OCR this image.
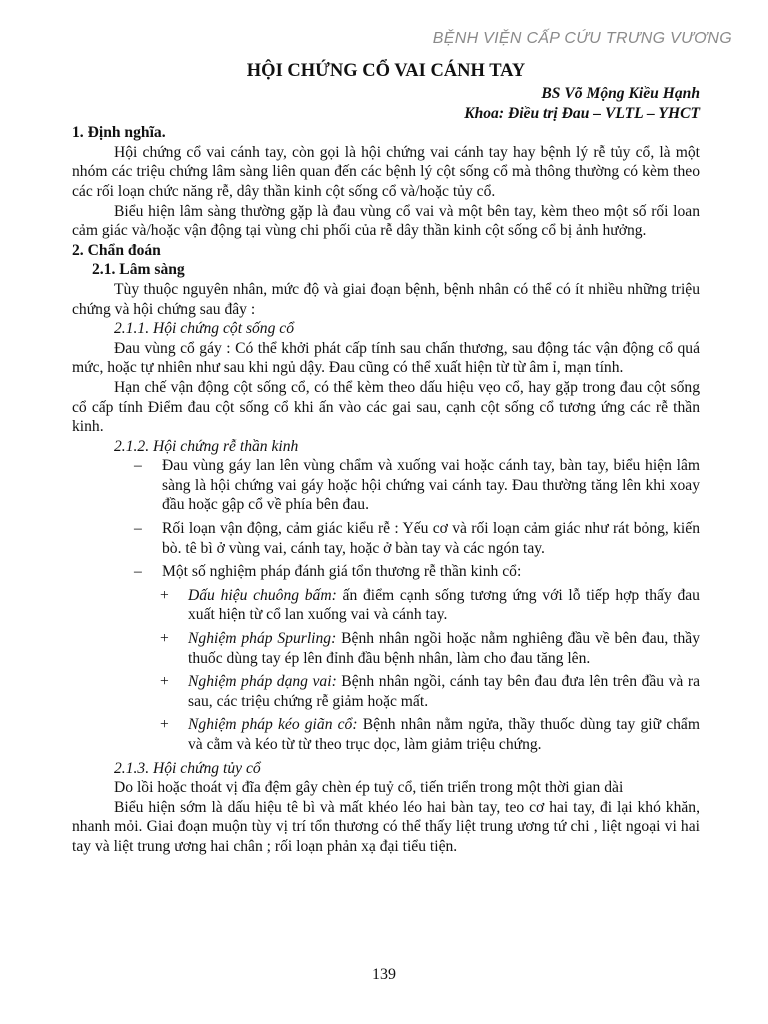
BỆNH VIỆN CẤP CỨU TRƯNG VƯƠNG
HỘI CHỨNG CỔ VAI CÁNH TAY
BS Võ Mộng Kiều Hạnh
Khoa: Điều trị Đau – VLTL – YHCT
1. Định nghĩa.

Hội chứng cổ vai cánh tay, còn gọi là hội chứng vai cánh tay hay bệnh lý rễ tủy cổ, là một nhóm các triệu chứng lâm sàng liên quan đến các bệnh lý cột sống cổ mà thông thường có kèm theo các rối loạn chức năng rễ, dây thần kinh cột sống cổ và/hoặc tủy cổ.

Biểu hiện lâm sàng thường gặp là đau vùng cổ vai và một bên tay, kèm theo một số rối loan cảm giác và/hoặc vận động tại vùng chi phối của rễ dây thần kinh cột sống cổ bị ảnh hưởng.

2. Chẩn đoán
2.1. Lâm sàng

Tùy thuộc nguyên nhân, mức độ và giai đoạn bệnh, bệnh nhân có thể có ít nhiều những triệu chứng và hội chứng sau đây :

2.1.1. Hội chứng cột sống cổ

Đau vùng cổ gáy : Có thể khởi phát cấp tính sau chấn thương, sau động tác vận động cổ quá mức, hoặc tự nhiên như sau khi ngủ dậy. Đau cũng có thể xuất hiện từ từ âm ỉ, mạn tính.

Hạn chế vận động cột sống cổ, có thể kèm theo dấu hiệu vẹo cổ, hay gặp trong đau cột sống cổ cấp tính Điểm đau cột sống cổ khi ấn vào các gai sau, cạnh cột sống cổ tương ứng các rễ thần kinh.

2.1.2. Hội chứng rễ thần kinh
– Đau vùng gáy lan lên vùng chẩm và xuống vai hoặc cánh tay, bàn tay, biểu hiện lâm sàng là hội chứng vai gáy hoặc hội chứng vai cánh tay. Đau thường tăng lên khi xoay đầu hoặc gập cổ về phía bên đau.
– Rối loạn vận động, cảm giác kiểu rễ : Yếu cơ và rối loạn cảm giác như rát bỏng, kiến bò. tê bì ở vùng vai, cánh tay, hoặc ở bàn tay và các ngón tay.
– Một số nghiệm pháp đánh giá tổn thương rễ thần kinh cổ:
+ Dấu hiệu chuông bấm: ấn điểm cạnh sống tương ứng với lỗ tiếp hợp thấy đau xuất hiện từ cổ lan xuống vai và cánh tay.
+ Nghiệm pháp Spurling: Bệnh nhân ngồi hoặc nằm nghiêng đầu về bên đau, thầy thuốc dùng tay ép lên đỉnh đầu bệnh nhân, làm cho đau tăng lên.
+ Nghiệm pháp dạng vai: Bệnh nhân ngồi, cánh tay bên đau đưa lên trên đầu và ra sau, các triệu chứng rễ giảm hoặc mất.
+ Nghiệm pháp kéo giãn cổ: Bệnh nhân nằm ngửa, thầy thuốc dùng tay giữ chẩm và cằm và kéo từ từ theo trục dọc, làm giảm triệu chứng.
2.1.3. Hội chứng tủy cổ

Do lồi hoặc thoát vị đĩa đệm gây chèn ép tuỷ cổ, tiến triển trong một thời gian dài

Biểu hiện sớm là dấu hiệu tê bì và mất khéo léo hai bàn tay, teo cơ hai tay, đi lại khó khăn, nhanh mỏi. Giai đoạn muộn tùy vị trí tổn thương có thể thấy liệt trung ương tứ chi , liệt ngoại vi hai tay và liệt trung ương hai chân ; rối loạn phản xạ đại tiểu tiện.

139
